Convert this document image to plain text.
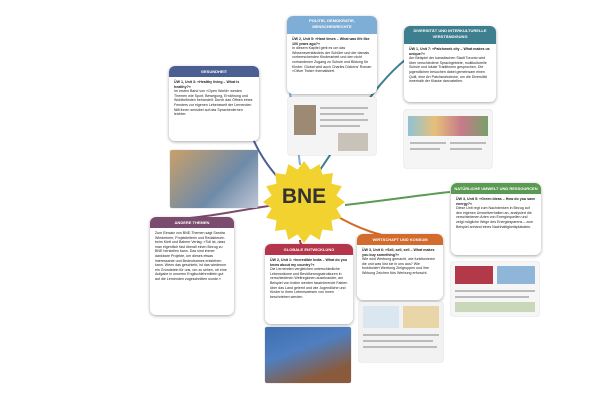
BNE
GESUNDHEIT
ÜW 1, Unit 3: »Healthy living – What is healthy?«
Im ersten Band von »Open World« werden Themen wie Sport, Bewegung, Ernährung und Wohlbefinden behandelt. Durch das Öffnen eines Fensters zur eigenen Lebenswelt der Lernenden fällt ihnen sensibel auf das Sprachenlernen leichter.
POLITIK, DEMOKRATIE, MENSCHENRECHTE
ÜW 2, Unit 5: »Hard times – What was life like 100 years ago?«
In diesem Kapitel geht es um das Wissensverständnis der Schüler und der damals vorherrschenden Kinderarbeit und den nicht vorhandenen Zugang zu Schule und Bildung für Kinder. Global wird auch Charles Dickens' Roman »Oliver Twist« thematisiert.
DIVERSITÄT UND INTERKULTURELLE VERSTÄNDIGUNG
ÜW 1, Unit 7: »Patchwork city – What makes us unique?«
Am Beispiel der kanadischen Stadt Toronto wird über verschiedene Sprachgebiete, multikulturelle Schule und lokale Traditionen gesprochen. Die jugendlichen besuchen dabei gemeinsam einen Quilt, eine Art Patchworkdecke, um die Diversität innerhalb der Klasse darzustellen.
ANDERE THEMEN
Zum Einsatz von BNE-Themen sagt Sandra Wiederkehr, Projektleiterin und Redakteurin beim Klett und Balmer Verlag: »Toll ist, dass man eigentlich fast überall einen Bezug zu BNE herstellen kann. Das sind immer dankbare Projekte, um dieses etwas interessante und Bedeutsames entstehen kann. Wenn das geschieht, ist das wiederum ein Grundstein für uns, um zu sehen, ob eine Aufgabe in unseren Englischlehrmitteln gut auf die Lernenden zugeschnitten wurde.«
GLOBALE ENTWICKLUNG
ÜW 2, Unit 1: »Incredible India – What do you know about my country?«
Die Lernenden vergleichen unterschiedliche Lebensräume und Bevölkerungsstrukturen in verschiedenen Weltregionen auseinander, am Beispiel von Indien werden faszinierende Fakten über das Land gelernt und wie Jugendliche und Kinder in ihren Lebensweisen von Innen beschrieben werden.
WIRTSCHAFT UND KONSUM
ÜW 3, Unit 6: »Sell, sell, sell – What makes you buy something?«
Wie wird Werbung gemacht, wie funktionieren die und was löst sie in uns aus? Wie funktioniert Werbung Zielgruppen und ihre Wirkung Zeichen fürs Werbung erforscht.
NATÜRLICHE UMWELT UND RESSOURCEN
ÜW 3, Unit 5: »Green Ideas – How do you save energy?«
Diese Unit regt zum Nachdenken in Bezug auf den eigenen Umweltverhalten an, analysiert die verschiedenen Arten von Energiequellen und zeigt mögliche Wege des Energiesparens – zum Beispiel anhand eines Nachhaltigkeitsplakates.
